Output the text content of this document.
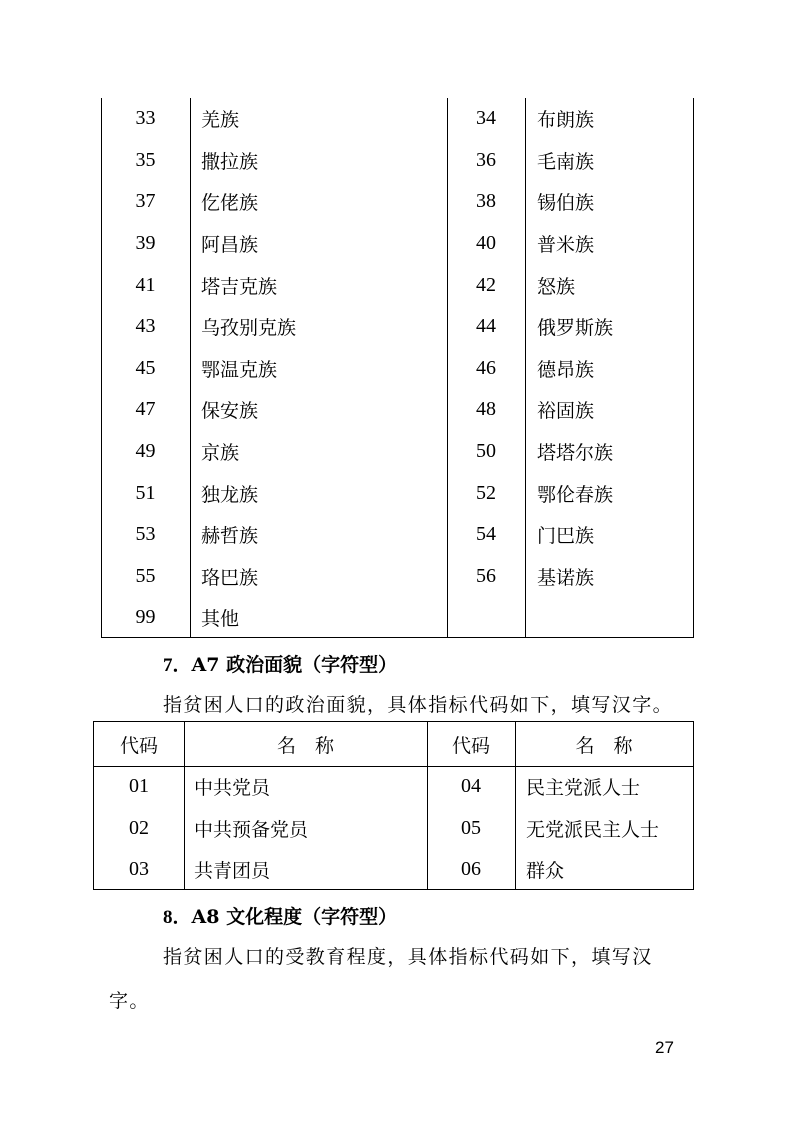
33	羌族	34	布朗族
35	撒拉族	36	毛南族
37	仡佬族	38	锡伯族
39	阿昌族	40	普米族
41	塔吉克族	42	怒族
43	乌孜别克族	44	俄罗斯族
45	鄂温克族	46	德昂族
47	保安族	48	裕固族
49	京族	50	塔塔尔族
51	独龙族	52	鄂伦春族
53	赫哲族	54	门巴族
55	珞巴族	56	基诺族
99	其他
7．A7 政治面貌（字符型）
指贫困人口的政治面貌，具体指标代码如下，填写汉字。
代码	名　称	代码	名　称
01	中共党员	04	民主党派人士
02	中共预备党员	05	无党派民主人士
03	共青团员	06	群众
8．A8 文化程度（字符型）
指贫困人口的受教育程度，具体指标代码如下，填写汉
字。
27
